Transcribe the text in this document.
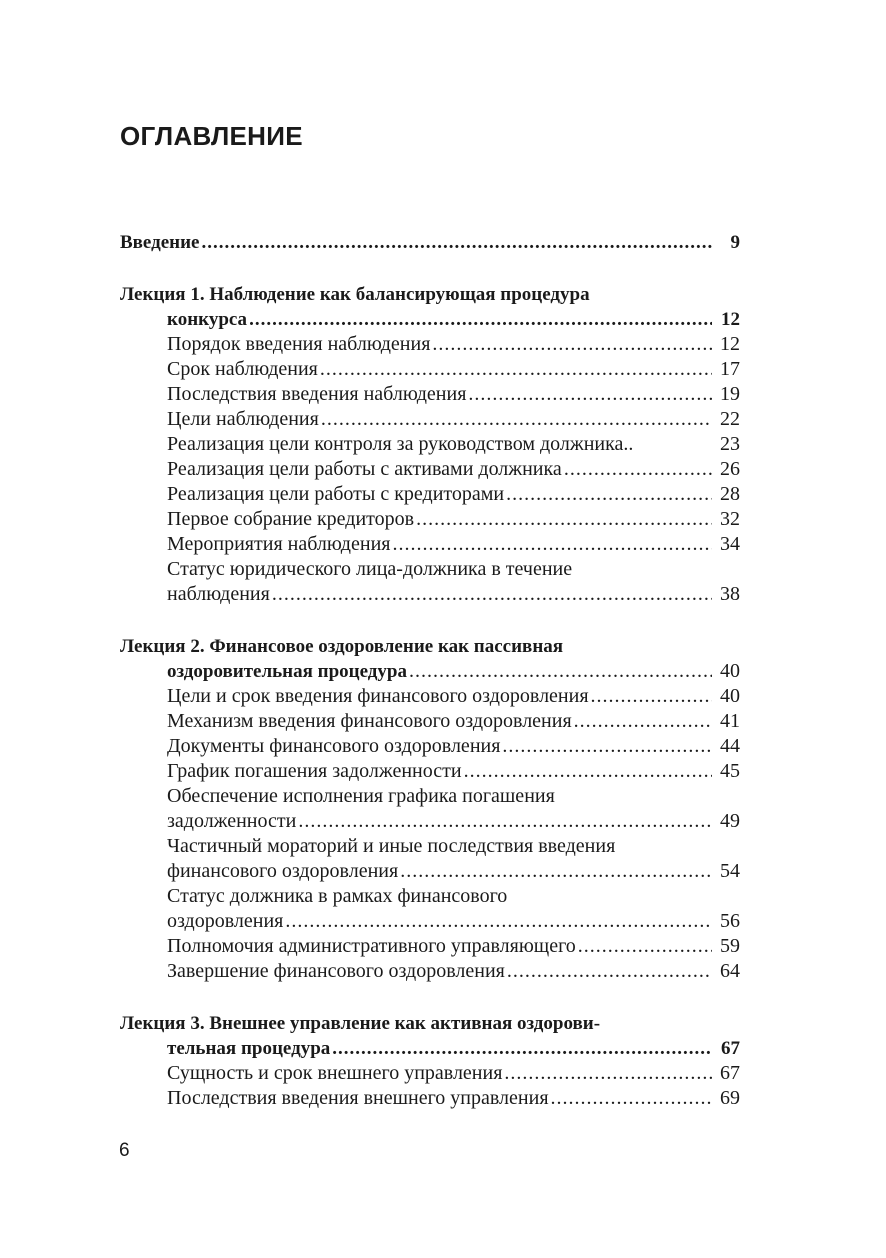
ОГЛАВЛЕНИЕ
Введение .....	9
Лекция 1. Наблюдение как балансирующая процедура
конкурса .....	12
Порядок введения наблюдения .....	12
Срок наблюдения .....	17
Последствия введения наблюдения .....	19
Цели наблюдения .....	22
Реализация цели контроля за руководством должника..	23
Реализация цели работы с активами должника .....	26
Реализация цели работы с кредиторами .....	28
Первое собрание кредиторов .....	32
Мероприятия наблюдения .....	34
Статус юридического лица-должника в течение
наблюдения .....	38
Лекция 2. Финансовое оздоровление как пассивная
оздоровительная процедура .....	40
Цели и срок введения финансового оздоровления .....	40
Механизм введения финансового оздоровления .....	41
Документы финансового оздоровления .....	44
График погашения задолженности .....	45
Обеспечение исполнения графика погашения
задолженности .....	49
Частичный мораторий и иные последствия введения
финансового оздоровления .....	54
Статус должника в рамках финансового
оздоровления .....	56
Полномочия административного управляющего .....	59
Завершение финансового оздоровления .....	64
Лекция 3. Внешнее управление как активная оздорови-
тельная процедура .....	67
Сущность и срок внешнего управления .....	67
Последствия введения внешнего управления .....	69
6
